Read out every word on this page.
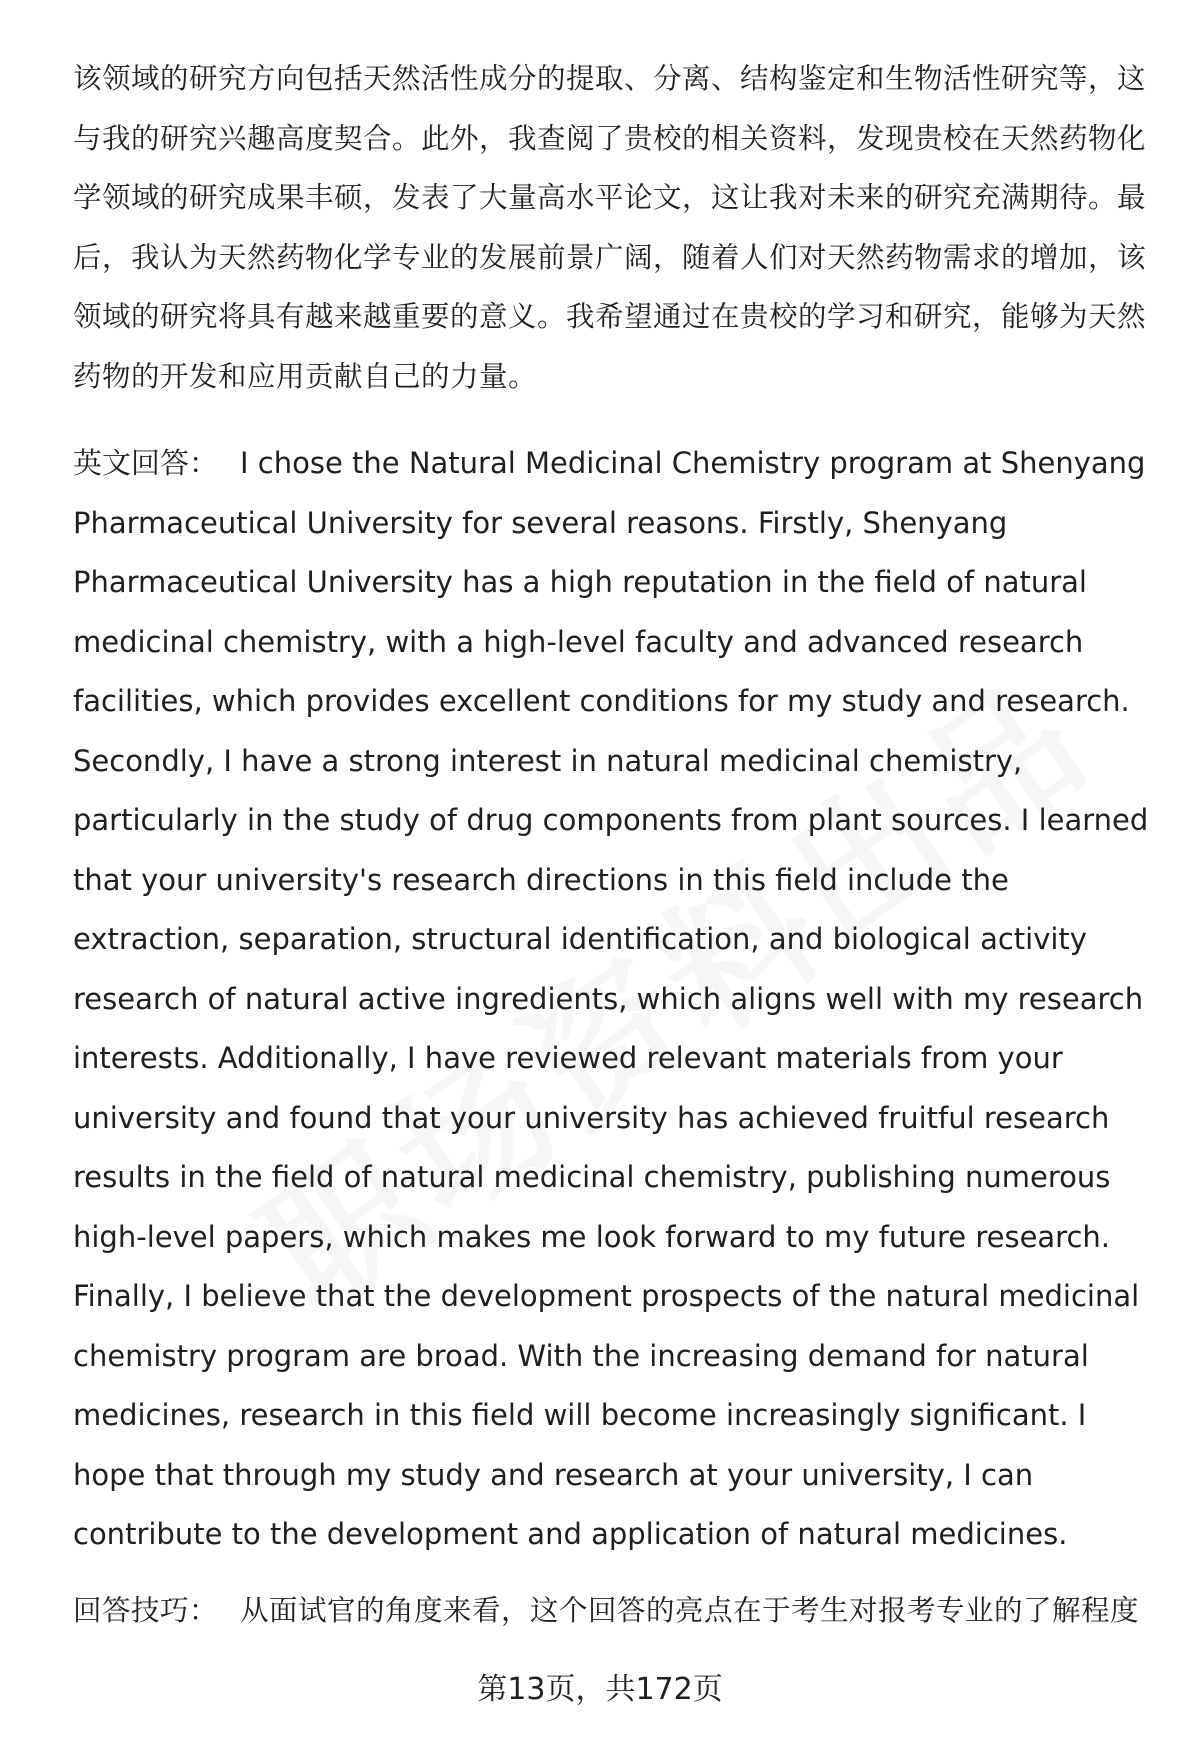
该领域的研究方向包括天然活性成分的提取、分离、结构鉴定和生物活性研究等，这与我的研究兴趣高度契合。此外，我查阅了贵校的相关资料，发现贵校在天然药物化学领域的研究成果丰硕，发表了大量高水平论文，这让我对未来的研究充满期待。最后，我认为天然药物化学专业的发展前景广阔，随着人们对天然药物需求的增加，该领域的研究将具有越来越重要的意义。我希望通过在贵校的学习和研究，能够为天然药物的开发和应用贡献自己的力量。

英文回答： I chose the Natural Medicinal Chemistry program at Shenyang Pharmaceutical University for several reasons. Firstly, Shenyang Pharmaceutical University has a high reputation in the field of natural medicinal chemistry, with a high-level faculty and advanced research facilities, which provides excellent conditions for my study and research. Secondly, I have a strong interest in natural medicinal chemistry, particularly in the study of drug components from plant sources. I learned that your university's research directions in this field include the extraction, separation, structural identification, and biological activity research of natural active ingredients, which aligns well with my research interests. Additionally, I have reviewed relevant materials from your university and found that your university has achieved fruitful research results in the field of natural medicinal chemistry, publishing numerous high-level papers, which makes me look forward to my future research. Finally, I believe that the development prospects of the natural medicinal chemistry program are broad. With the increasing demand for natural medicines, research in this field will become increasingly significant. I hope that through my study and research at your university, I can contribute to the development and application of natural medicines.

回答技巧： 从面试官的角度来看，这个回答的亮点在于考生对报考专业的了解程度

第13页，共172页
